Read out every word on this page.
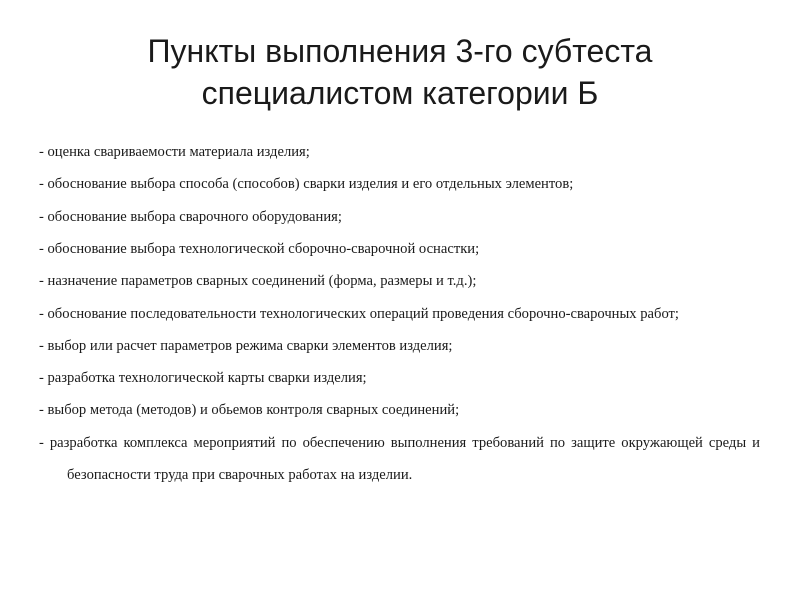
Пункты выполнения 3-го субтеста
специалистом категории Б
- оценка свариваемости материала изделия;
- обоснование выбора способа (способов) сварки изделия и его отдельных элементов;
- обоснование выбора сварочного оборудования;
- обоснование выбора технологической сборочно-сварочной оснастки;
- назначение параметров сварных соединений (форма, размеры и т.д.);
- обоснование последовательности технологических операций проведения сборочно-сварочных работ;
- выбор или расчет параметров режима сварки элементов изделия;
- разработка технологической карты сварки изделия;
- выбор метода (методов) и обьемов контроля сварных соединений;
- разработка комплекса мероприятий по обеспечению выполнения требований по защите окружающей среды и безопасности труда при сварочных работах на изделии.
